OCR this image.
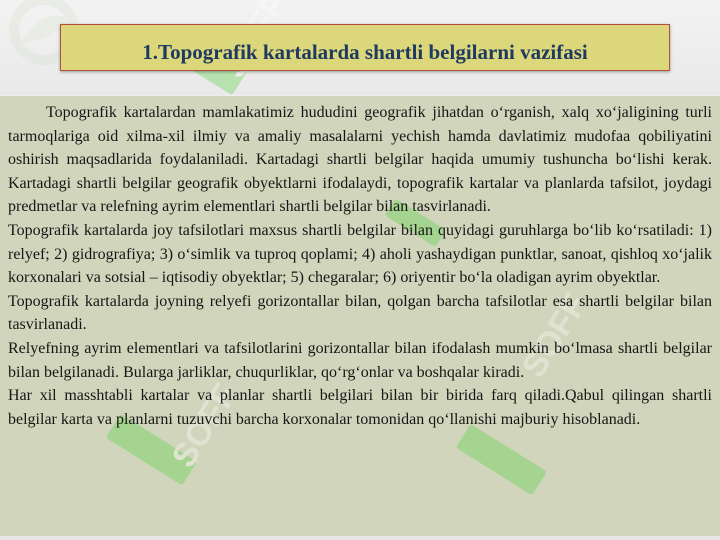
SOFF
SOFF
1.Topografik kartalarda shartli belgilarni vazifasi

Topografik kartalardan mamlakatimiz hududini geografik jihatdan o‘rganish, xalq xo‘jaligining turli tarmoqlariga oid xilma-xil ilmiy va amaliy masalalarni yechish hamda davlatimiz mudofaa qobiliyatini oshirish maqsadlarida foydalaniladi. Kartadagi shartli belgilar haqida umumiy tushuncha bo‘lishi kerak. Kartadagi shartli belgilar geografik obyektlarni ifodalaydi, topografik kartalar va planlarda tafsilot, joydagi predmetlar va relefning ayrim elementlari shartli belgilar bilan tasvirlanadi.

Topografik kartalarda joy tafsilotlari maxsus shartli belgilar bilan quyidagi guruhlarga bo‘lib ko‘rsatiladi: 1) relyef; 2) gidrografiya; 3) o‘simlik va tuproq qoplami; 4) aholi yashaydigan punktlar, sanoat, qishloq xo‘jalik korxonalari va sotsial – iqtisodiy obyektlar; 5) chegaralar; 6) oriyentir bo‘la oladigan ayrim obyektlar.

Topografik kartalarda joyning relyefi gorizontallar bilan, qolgan barcha tafsilotlar esa shartli belgilar bilan tasvirlanadi.

Relyefning ayrim elementlari va tafsilotlarini gorizontallar bilan ifodalash mumkin bo‘lmasa shartli belgilar bilan belgilanadi. Bularga jarliklar, chuqurliklar, qo‘rg‘onlar va boshqalar kiradi.

Har xil masshtabli kartalar va planlar shartli belgilari bilan bir birida farq qiladi.Qabul qilingan shartli belgilar karta va planlarni tuzuvchi barcha korxonalar tomonidan qo‘llanishi majburiy hisoblanadi.
